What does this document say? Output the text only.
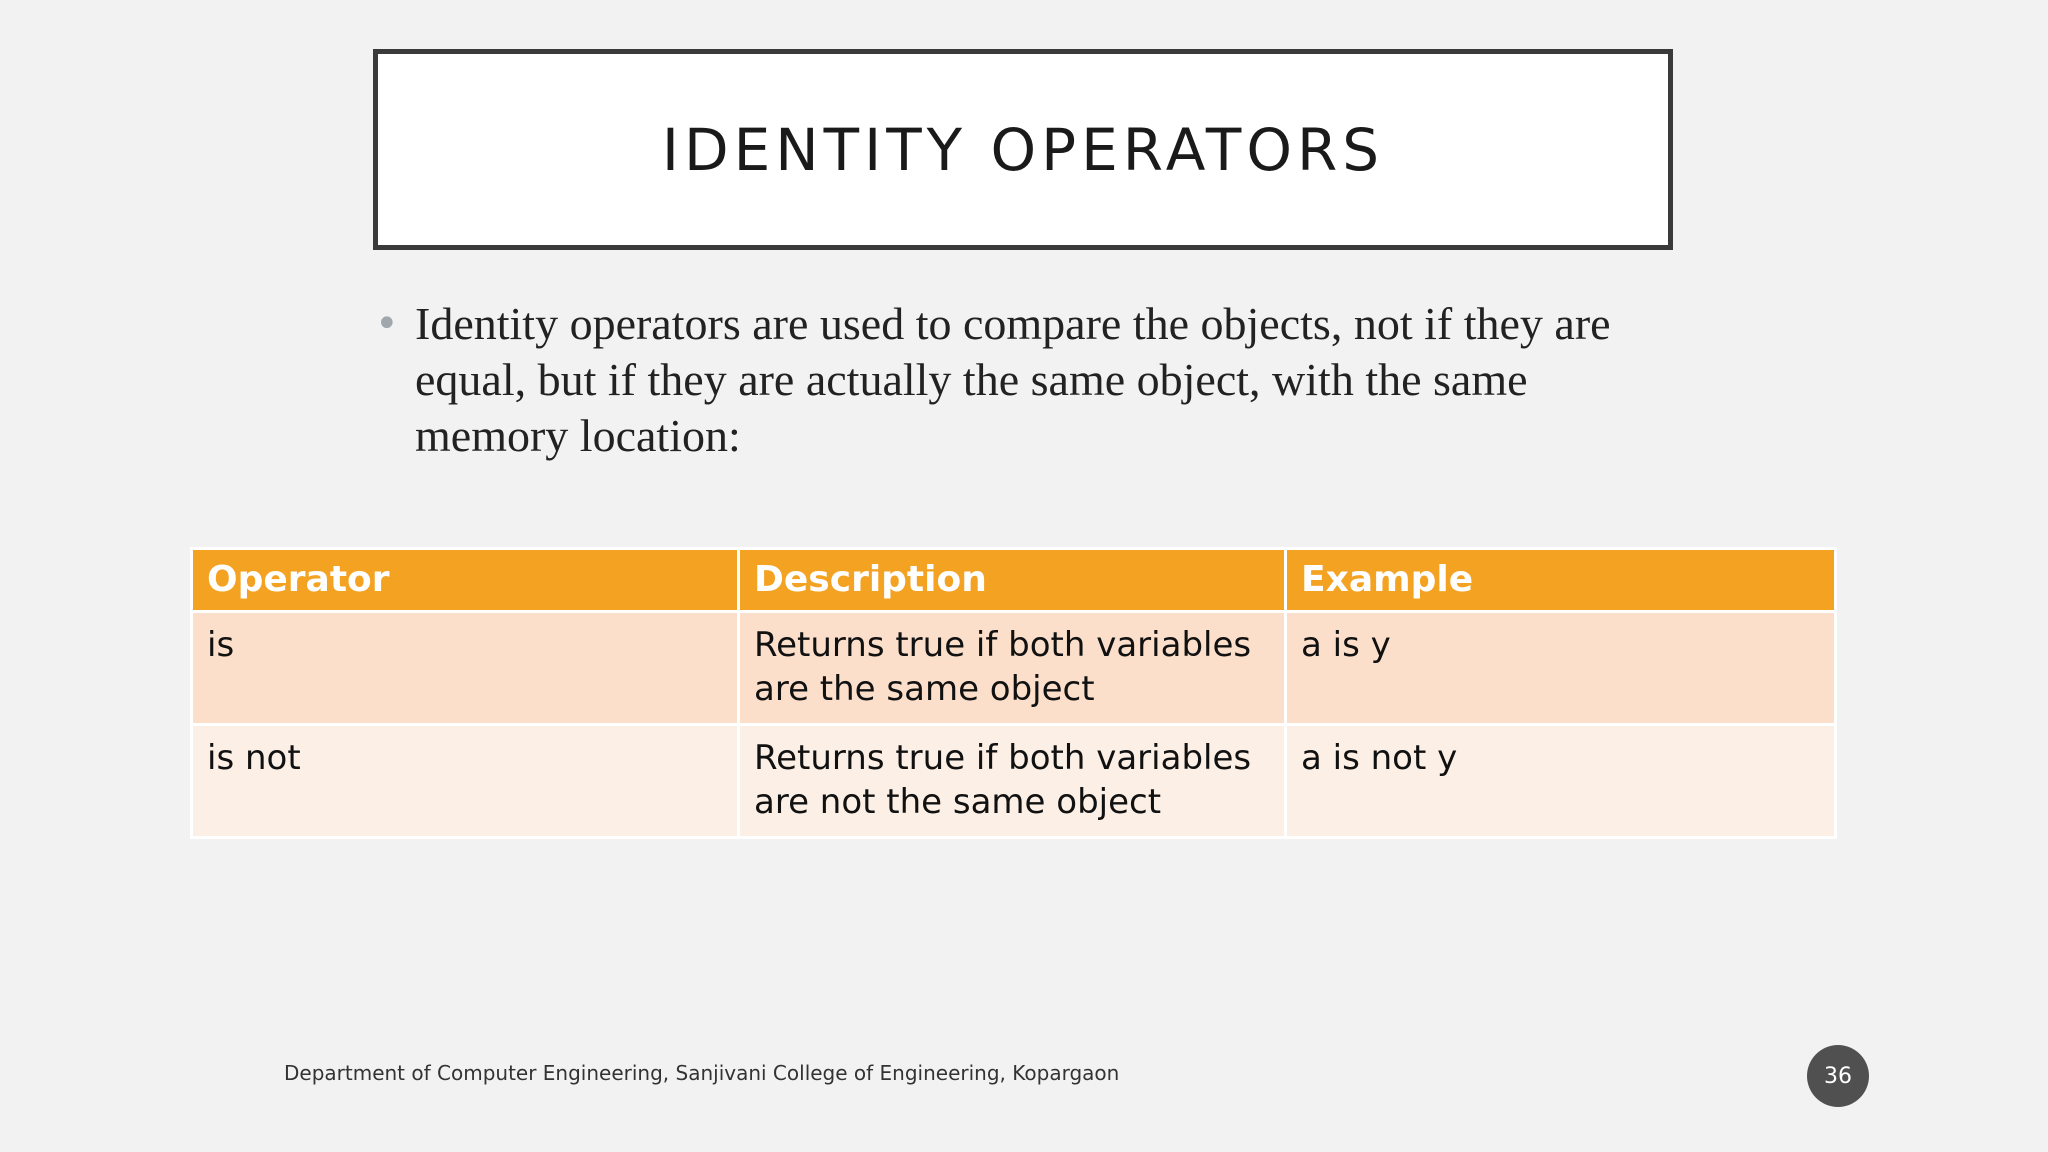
IDENTITY OPERATORS
• Identity operators are used to compare the objects, not if they are equal, but if they are actually the same object, with the same memory location:
Operator	Description	Example
is	Returns true if both variables are the same object	a is y
is not	Returns true if both variables are not the same object	a is not y
Department of Computer Engineering, Sanjivani College of Engineering, Kopargaon	36
